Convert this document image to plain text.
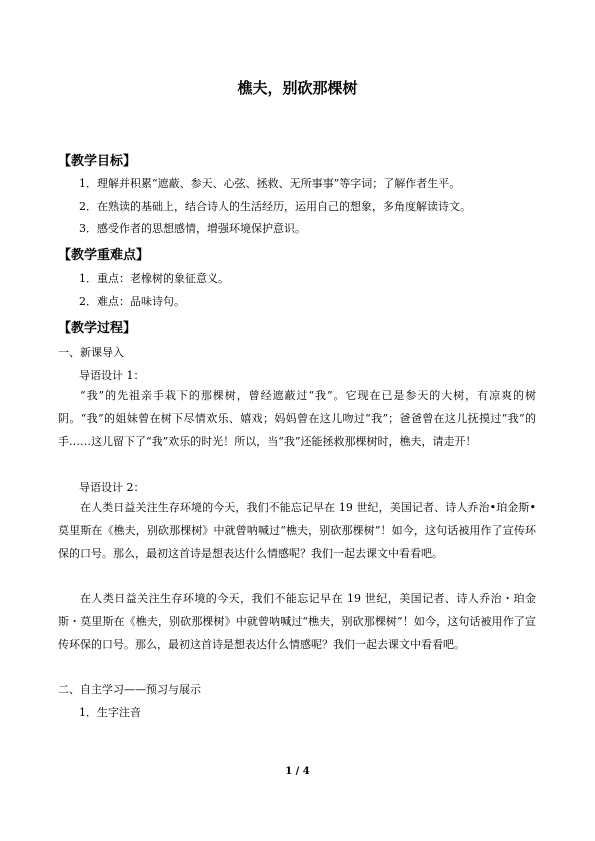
樵夫，别砍那棵树
【教学目标】
1．理解并积累“遮蔽、参天、心弦、拯救、无所事事”等字词；了解作者生平。
2．在熟读的基础上，结合诗人的生活经历，运用自己的想象，多角度解读诗文。
3．感受作者的思想感情，增强环境保护意识。
【教学重难点】
1．重点：老橡树的象征意义。
2．难点：品味诗句。
【教学过程】
一、新课导入
导语设计 1：
“我”的先祖亲手栽下的那棵树，曾经遮蔽过“我”。它现在已是参天的大树，有凉爽的树阴。“我”的姐妹曾在树下尽情欢乐、嬉戏；妈妈曾在这儿吻过“我”；爸爸曾在这儿抚摸过“我”的手……这儿留下了“我”欢乐的时光！所以，当“我”还能拯救那棵树时，樵夫，请走开！
导语设计 2：
在人类日益关注生存环境的今天，我们不能忘记早在 19 世纪，美国记者、诗人乔治•珀金斯•莫里斯在《樵夫，别砍那棵树》中就曾呐喊过“樵夫，别砍那棵树”！如今，这句话被用作了宣传环保的口号。那么，最初这首诗是想表达什么情感呢？我们一起去课文中看看吧。
在人类日益关注生存环境的今天，我们不能忘记早在 19 世纪，美国记者、诗人乔治・珀金斯・莫里斯在《樵夫，别砍那棵树》中就曾呐喊过“樵夫，别砍那棵树”！如今，这句话被用作了宣传环保的口号。那么，最初这首诗是想表达什么情感呢？我们一起去课文中看看吧。
二、自主学习——预习与展示
1．生字注音
1 / 4
